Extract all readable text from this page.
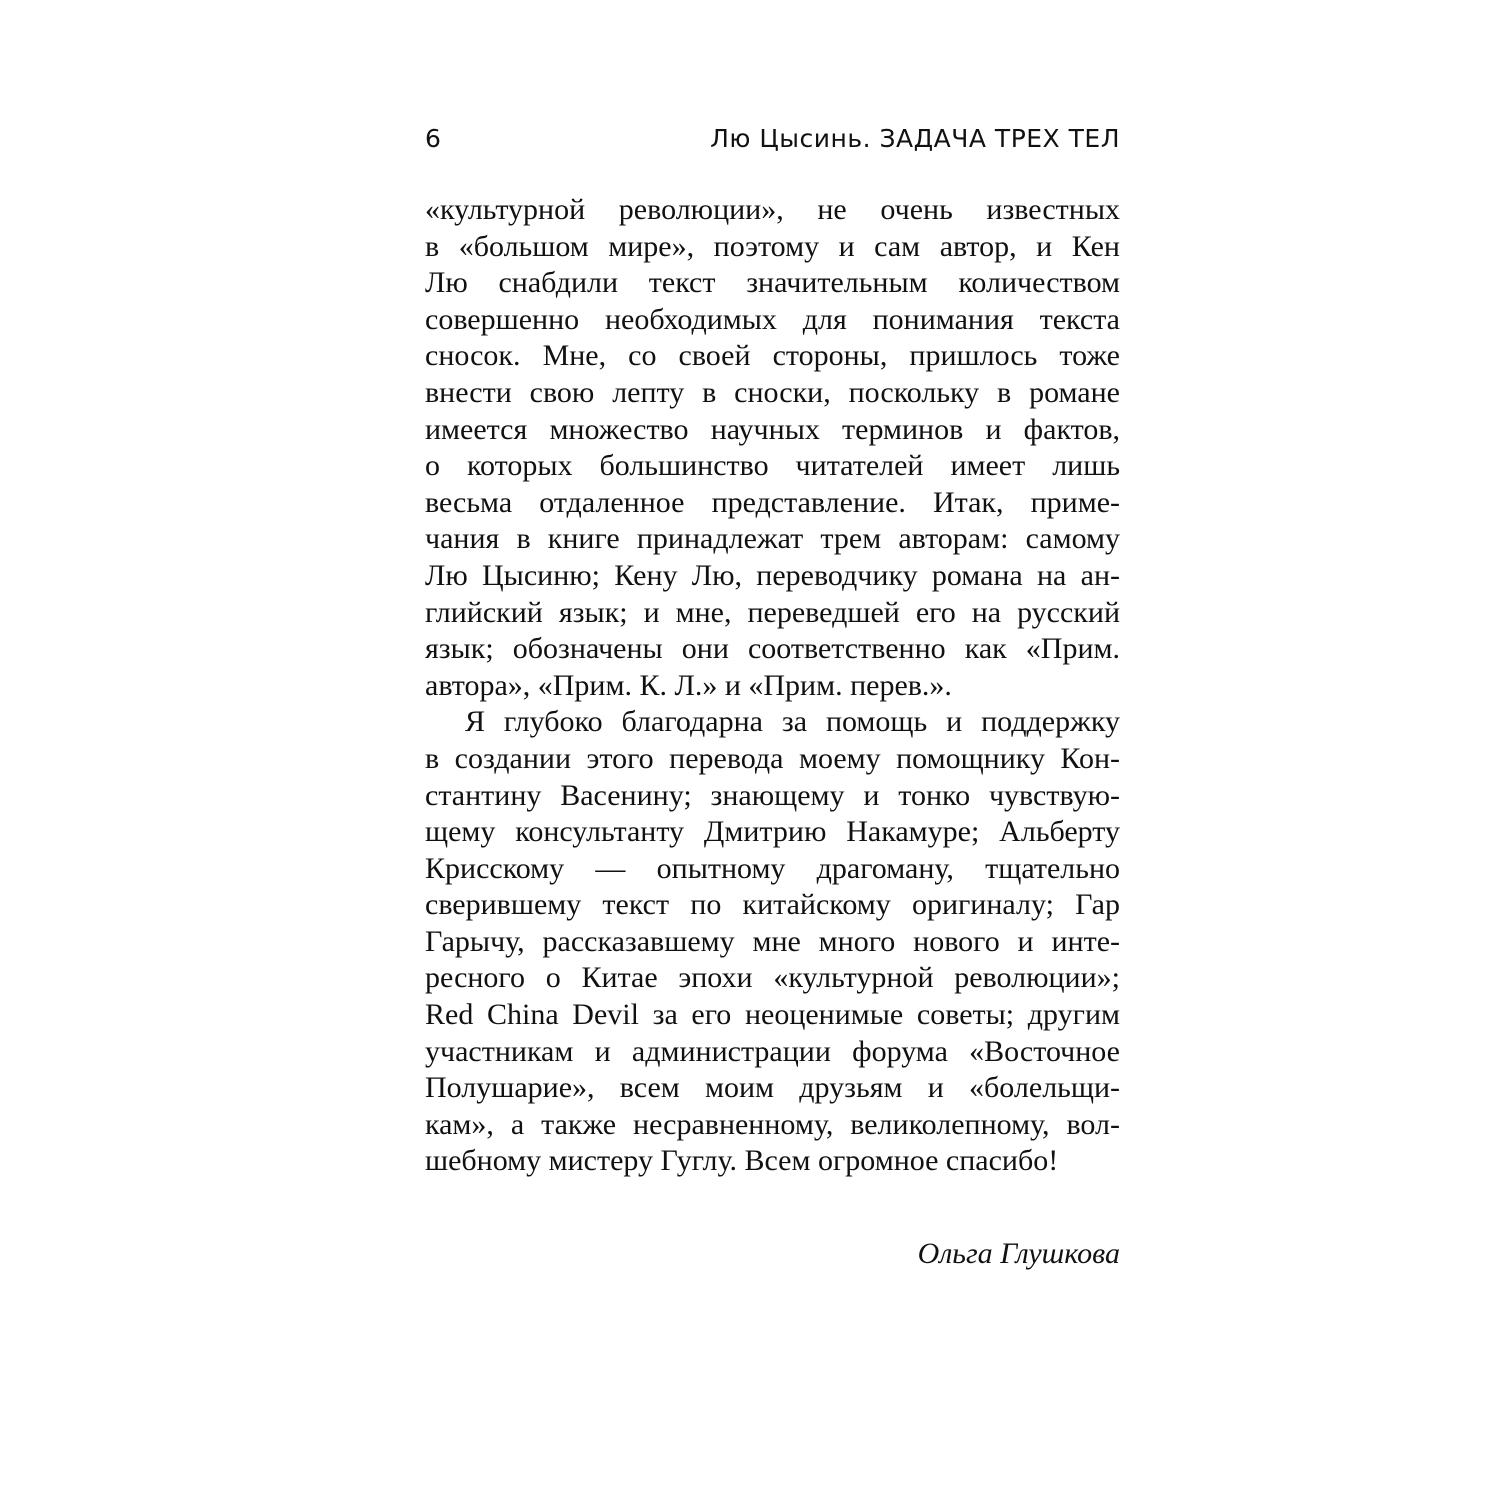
6	Лю Цысинь. ЗАДАЧА ТРЕХ ТЕЛ
«культурной революции», не очень известных
в «большом мире», поэтому и сам автор, и Кен
Лю снабдили текст значительным количеством
совершенно необходимых для понимания текста
сносок. Мне, со своей стороны, пришлось тоже
внести свою лепту в сноски, поскольку в романе
имеется множество научных терминов и фактов,
о которых большинство читателей имеет лишь
весьма отдаленное представление. Итак, приме-
чания в книге принадлежат трем авторам: самому
Лю Цысиню; Кену Лю, переводчику романа на ан-
глийский язык; и мне, переведшей его на русский
язык; обозначены они соответственно как «Прим.
автора», «Прим. К. Л.» и «Прим. перев.».
Я глубоко благодарна за помощь и поддержку
в создании этого перевода моему помощнику Кон-
стантину Васенину; знающему и тонко чувствую-
щему консультанту Дмитрию Накамуре; Альберту
Крисскому — опытному драгоману, тщательно
сверившему текст по китайскому оригиналу; Гар
Гарычу, рассказавшему мне много нового и инте-
ресного о Китае эпохи «культурной революции»;
Red China Devil за его неоценимые советы; другим
участникам и администрации форума «Восточное
Полушарие», всем моим друзьям и «болельщи-
кам», а также несравненному, великолепному, вол-
шебному мистеру Гуглу. Всем огромное спасибо!
Ольга Глушкова
